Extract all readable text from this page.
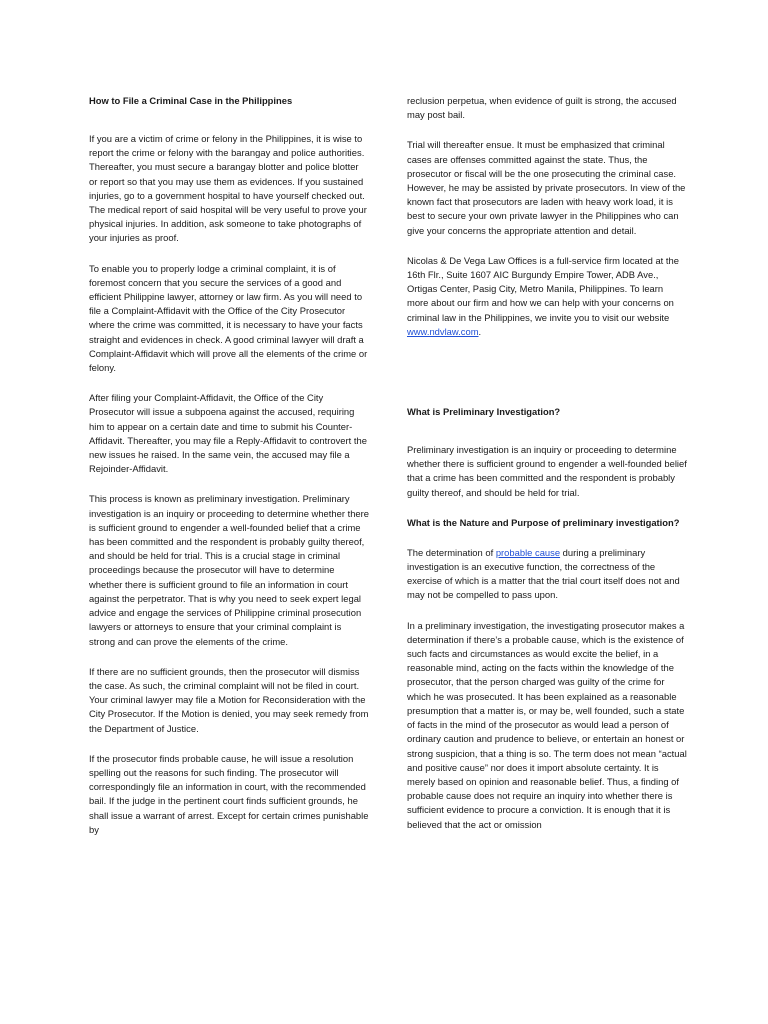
How to File a Criminal Case in the Philippines

If you are a victim of crime or felony in the Philippines, it is wise to report the crime or felony with the barangay and police authorities. Thereafter, you must secure a barangay blotter and police blotter or report so that you may use them as evidences. If you sustained injuries, go to a government hospital to have yourself checked out. The medical report of said hospital will be very useful to prove your physical injuries. In addition, ask someone to take photographs of your injuries as proof.

To enable you to properly lodge a criminal complaint, it is of foremost concern that you secure the services of a good and efficient Philippine lawyer, attorney or law firm. As you will need to file a Complaint-Affidavit with the Office of the City Prosecutor where the crime was committed, it is necessary to have your facts straight and evidences in check. A good criminal lawyer will draft a Complaint-Affidavit which will prove all the elements of the crime or felony.

After filing your Complaint-Affidavit, the Office of the City Prosecutor will issue a subpoena against the accused, requiring him to appear on a certain date and time to submit his Counter-Affidavit. Thereafter, you may file a Reply-Affidavit to controvert the new issues he raised. In the same vein, the accused may file a Rejoinder-Affidavit.

This process is known as preliminary investigation. Preliminary investigation is an inquiry or proceeding to determine whether there is sufficient ground to engender a well-founded belief that a crime has been committed and the respondent is probably guilty thereof, and should be held for trial. This is a crucial stage in criminal proceedings because the prosecutor will have to determine whether there is sufficient ground to file an information in court against the perpetrator. That is why you need to seek expert legal advice and engage the services of Philippine criminal prosecution lawyers or attorneys to ensure that your criminal complaint is strong and can prove the elements of the crime.

If there are no sufficient grounds, then the prosecutor will dismiss the case. As such, the criminal complaint will not be filed in court. Your criminal lawyer may file a Motion for Reconsideration with the City Prosecutor. If the Motion is denied, you may seek remedy from the Department of Justice.

If the prosecutor finds probable cause, he will issue a resolution spelling out the reasons for such finding. The prosecutor will correspondingly file an information in court, with the recommended bail. If the judge in the pertinent court finds sufficient grounds, he shall issue a warrant of arrest. Except for certain crimes punishable by

reclusion perpetua, when evidence of guilt is strong, the accused may post bail.

Trial will thereafter ensue. It must be emphasized that criminal cases are offenses committed against the state. Thus, the prosecutor or fiscal will be the one prosecuting the criminal case. However, he may be assisted by private prosecutors. In view of the known fact that prosecutors are laden with heavy work load, it is best to secure your own private lawyer in the Philippines who can give your concerns the appropriate attention and detail.

Nicolas & De Vega Law Offices is a full-service firm located at the 16th Flr., Suite 1607 AIC Burgundy Empire Tower, ADB Ave., Ortigas Center, Pasig City, Metro Manila, Philippines. To learn more about our firm and how we can help with your concerns on criminal law in the Philippines, we invite you to visit our website www.ndvlaw.com.

What is Preliminary Investigation?

Preliminary investigation is an inquiry or proceeding to determine whether there is sufficient ground to engender a well-founded belief that a crime has been committed and the respondent is probably guilty thereof, and should be held for trial.

What is the Nature and Purpose of preliminary investigation?

The determination of probable cause during a preliminary investigation is an executive function, the correctness of the exercise of which is a matter that the trial court itself does not and may not be compelled to pass upon.

In a preliminary investigation, the investigating prosecutor makes a determination if there’s a probable cause, which is the existence of such facts and circumstances as would excite the belief, in a reasonable mind, acting on the facts within the knowledge of the prosecutor, that the person charged was guilty of the crime for which he was prosecuted. It has been explained as a reasonable presumption that a matter is, or may be, well founded, such a state of facts in the mind of the prosecutor as would lead a person of ordinary caution and prudence to believe, or entertain an honest or strong suspicion, that a thing is so. The term does not mean “actual and positive cause” nor does it import absolute certainty. It is merely based on opinion and reasonable belief. Thus, a finding of probable cause does not require an inquiry into whether there is sufficient evidence to procure a conviction. It is enough that it is believed that the act or omission
